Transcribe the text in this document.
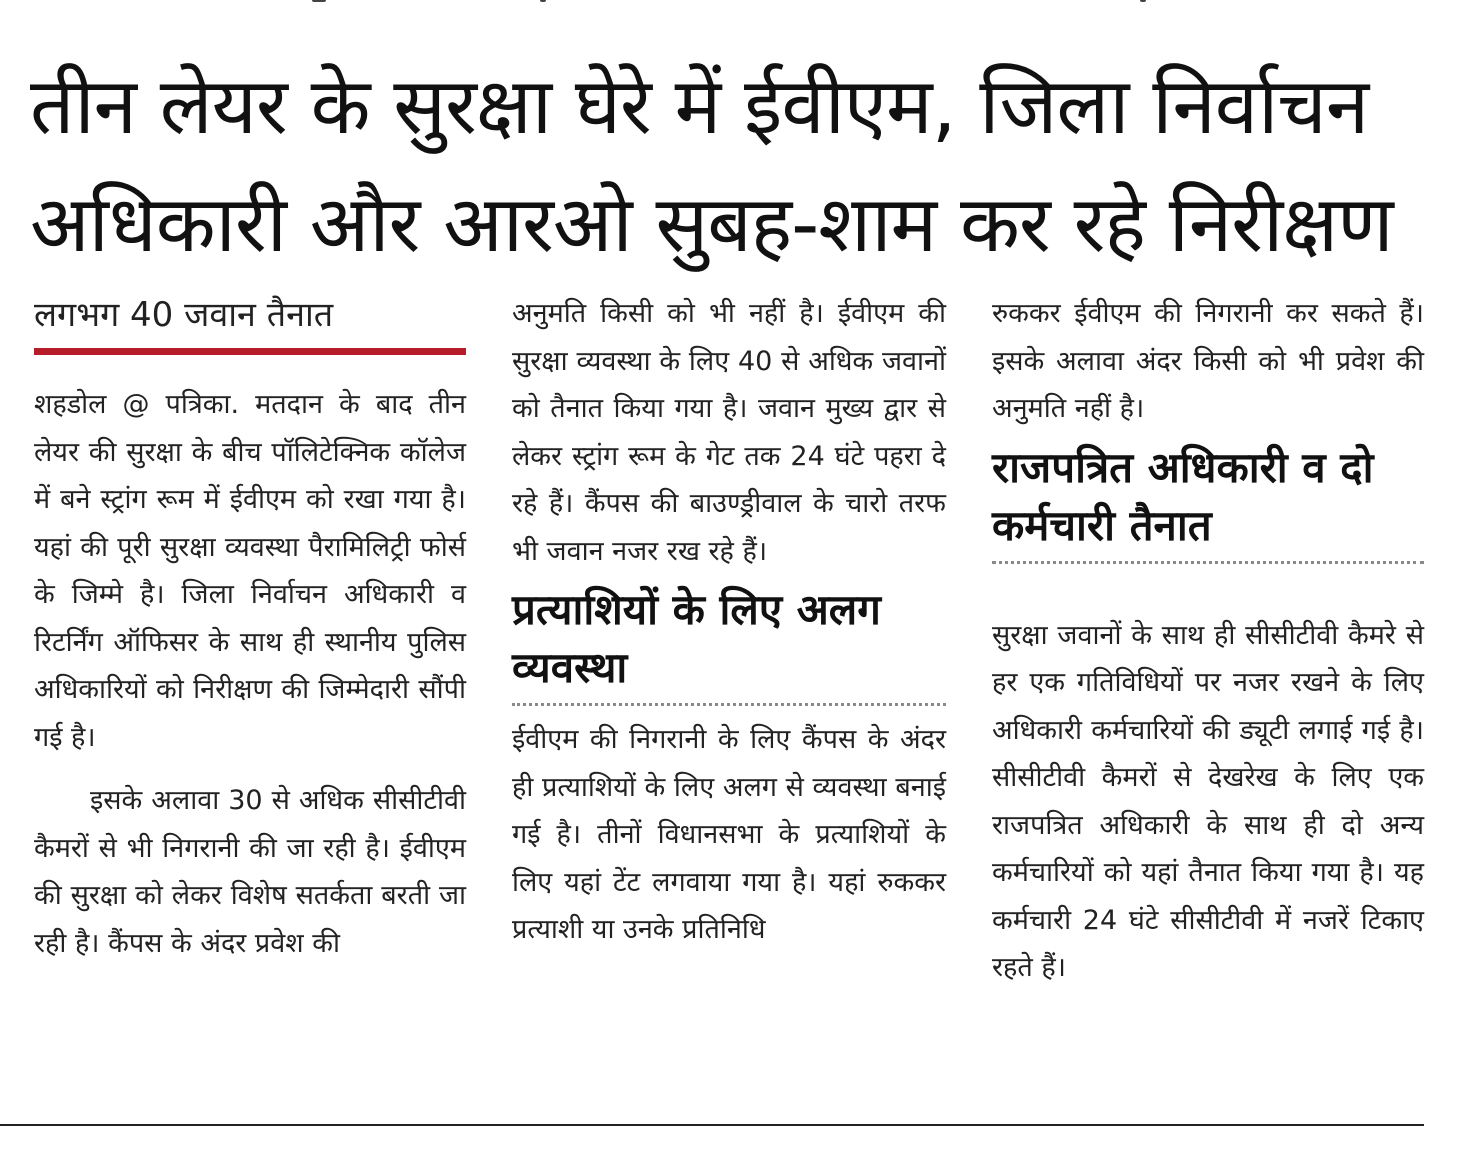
तीन लेयर के सुरक्षा घेरे में ईवीएम, जिला निर्वाचन अधिकारी और आरओ सुबह-शाम कर रहे निरीक्षण

लगभग 40 जवान तैनात

शहडोल @ पत्रिका. मतदान के बाद तीन लेयर की सुरक्षा के बीच पॉलिटेक्निक कॉलेज में बने स्ट्रांग रूम में ईवीएम को रखा गया है। यहां की पूरी सुरक्षा व्यवस्था पैरामिलिट्री फोर्स के जिम्मे है। जिला निर्वाचन अधिकारी व रिटर्निंग ऑफिसर के साथ ही स्थानीय पुलिस अधिकारियों को निरीक्षण की जिम्मेदारी सौंपी गई है।

इसके अलावा 30 से अधिक सीसीटीवी कैमरों से भी निगरानी की जा रही है। ईवीएम की सुरक्षा को लेकर विशेष सतर्कता बरती जा रही है। कैंपस के अंदर प्रवेश की

अनुमति किसी को भी नहीं है। ईवीएम की सुरक्षा व्यवस्था के लिए 40 से अधिक जवानों को तैनात किया गया है। जवान मुख्य द्वार से लेकर स्ट्रांग रूम के गेट तक 24 घंटे पहरा दे रहे हैं। कैंपस की बाउण्ड्रीवाल के चारो तरफ भी जवान नजर रख रहे हैं।

प्रत्याशियों के लिए अलग व्यवस्था

ईवीएम की निगरानी के लिए कैंपस के अंदर ही प्रत्याशियों के लिए अलग से व्यवस्था बनाई गई है। तीनों विधानसभा के प्रत्याशियों के लिए यहां टेंट लगवाया गया है। यहां रुककर प्रत्याशी या उनके प्रतिनिधि

रुककर ईवीएम की निगरानी कर सकते हैं। इसके अलावा अंदर किसी को भी प्रवेश की अनुमति नहीं है।

राजपत्रित अधिकारी व दो कर्मचारी तैनात

सुरक्षा जवानों के साथ ही सीसीटीवी कैमरे से हर एक गतिविधियों पर नजर रखने के लिए अधिकारी कर्मचारियों की ड्यूटी लगाई गई है। सीसीटीवी कैमरों से देखरेख के लिए एक राजपत्रित अधिकारी के साथ ही दो अन्य कर्मचारियों को यहां तैनात किया गया है। यह कर्मचारी 24 घंटे सीसीटीवी में नजरें टिकाए रहते हैं।
